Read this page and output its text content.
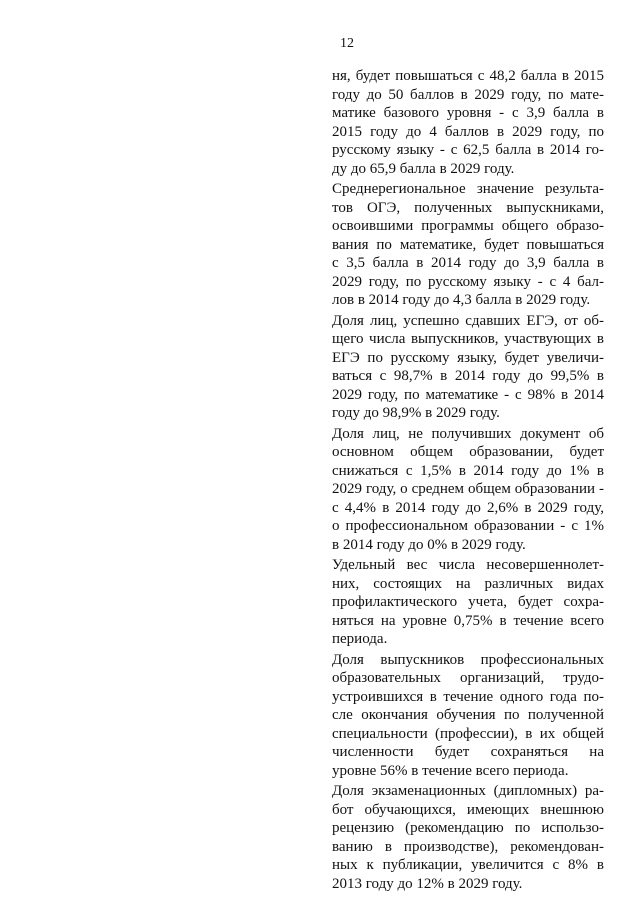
12
ня, будет повышаться с 48,2 балла в 2015
году до 50 баллов в 2029 году, по мате-
матике базового уровня - с 3,9 балла в
2015 году до 4 баллов в 2029 году, по
русскому языку - с 62,5 балла в 2014 го-
ду до 65,9 балла в 2029 году.
Среднерегиональное значение результа-
тов ОГЭ, полученных выпускниками,
освоившими программы общего образо-
вания по математике, будет повышаться
с 3,5 балла в 2014 году до 3,9 балла в
2029 году, по русскому языку - с 4 бал-
лов в 2014 году до 4,3 балла в 2029 году.
Доля лиц, успешно сдавших ЕГЭ, от об-
щего числа выпускников, участвующих в
ЕГЭ по русскому языку, будет увеличи-
ваться с 98,7% в 2014 году до 99,5% в
2029 году, по математике - с 98% в 2014
году до 98,9% в 2029 году.
Доля лиц, не получивших документ об
основном общем образовании, будет
снижаться с 1,5% в 2014 году до 1% в
2029 году, о среднем общем образовании -
с 4,4% в 2014 году до 2,6% в 2029 году,
о профессиональном образовании - с 1%
в 2014 году до 0% в 2029 году.
Удельный вес числа несовершеннолет-
них, состоящих на различных видах
профилактического учета, будет сохра-
няться на уровне 0,75% в течение всего
периода.
Доля выпускников профессиональных
образовательных организаций, трудо-
устроившихся в течение одного года по-
сле окончания обучения по полученной
специальности (профессии), в их общей
численности будет сохраняться на
уровне 56% в течение всего периода.
Доля экзаменационных (дипломных) ра-
бот обучающихся, имеющих внешнюю
рецензию (рекомендацию по использо-
ванию в производстве), рекомендован-
ных к публикации, увеличится с 8% в
2013 году до 12% в 2029 году.
